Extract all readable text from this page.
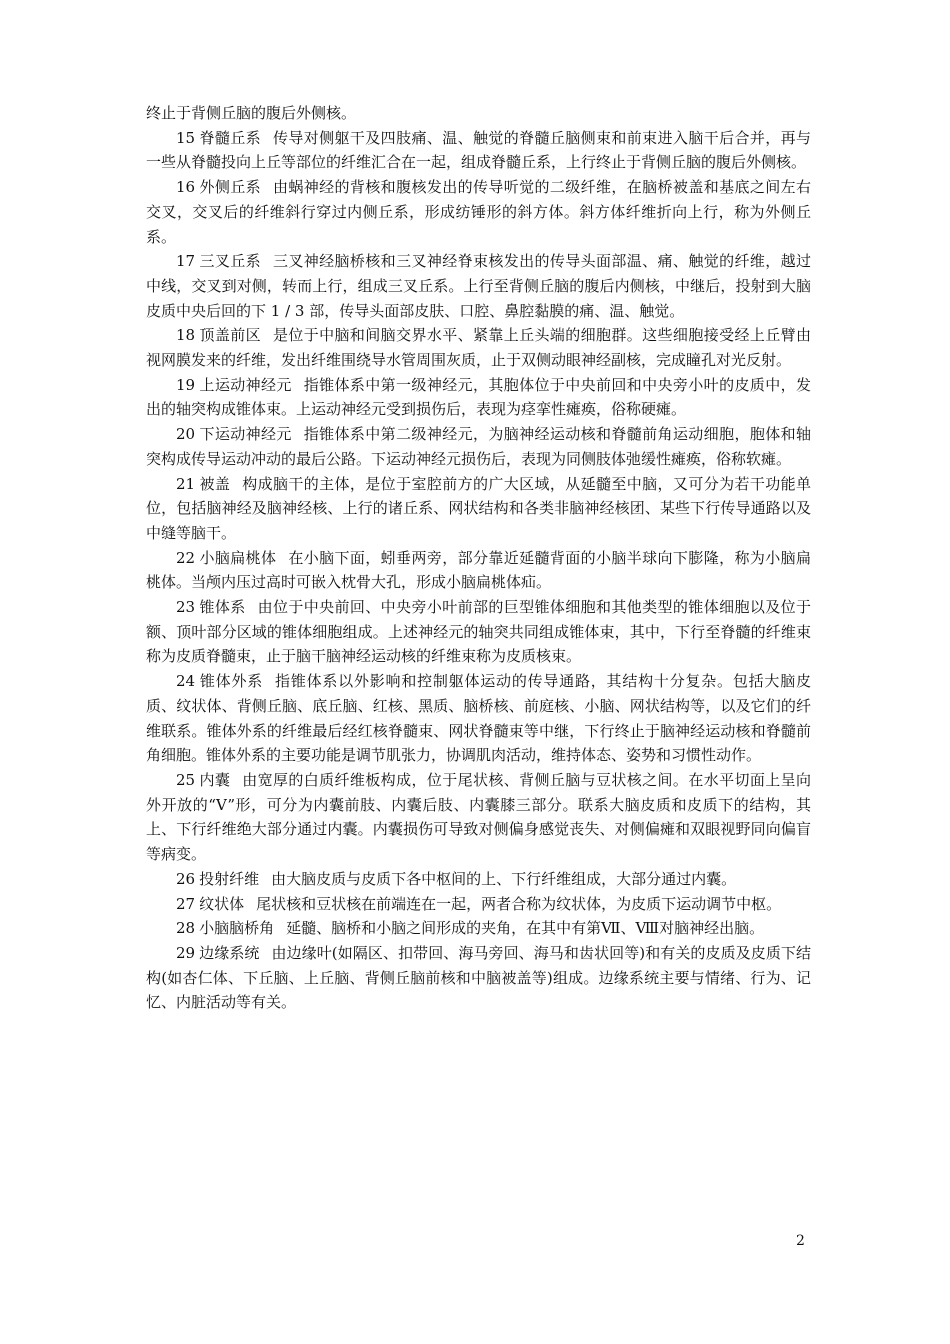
终止于背侧丘脑的腹后外侧核。

15 脊髓丘系 传导对侧躯干及四肢痛、温、触觉的脊髓丘脑侧束和前束进入脑干后合并，再与一些从脊髓投向上丘等部位的纤维汇合在一起，组成脊髓丘系，上行终止于背侧丘脑的腹后外侧核。

16 外侧丘系 由蜗神经的背核和腹核发出的传导听觉的二级纤维，在脑桥被盖和基底之间左右交叉，交叉后的纤维斜行穿过内侧丘系，形成纺锤形的斜方体。斜方体纤维折向上行，称为外侧丘系。

17 三叉丘系 三叉神经脑桥核和三叉神经脊束核发出的传导头面部温、痛、触觉的纤维，越过中线，交叉到对侧，转而上行，组成三叉丘系。上行至背侧丘脑的腹后内侧核，中继后，投射到大脑皮质中央后回的下 1 / 3 部，传导头面部皮肤、口腔、鼻腔黏膜的痛、温、触觉。

18 顶盖前区 是位于中脑和间脑交界水平、紧靠上丘头端的细胞群。这些细胞接受经上丘臂由视网膜发来的纤维，发出纤维围绕导水管周围灰质，止于双侧动眼神经副核，完成瞳孔对光反射。

19 上运动神经元 指锥体系中第一级神经元，其胞体位于中央前回和中央旁小叶的皮质中，发出的轴突构成锥体束。上运动神经元受到损伤后，表现为痉挛性瘫痪，俗称硬瘫。

20 下运动神经元 指锥体系中第二级神经元，为脑神经运动核和脊髓前角运动细胞，胞体和轴突构成传导运动冲动的最后公路。下运动神经元损伤后，表现为同侧肢体弛缓性瘫痪，俗称软瘫。

21 被盖 构成脑干的主体，是位于室腔前方的广大区域，从延髓至中脑，又可分为若干功能单位，包括脑神经及脑神经核、上行的诸丘系、网状结构和各类非脑神经核团、某些下行传导通路以及中缝等脑干。

22 小脑扁桃体 在小脑下面，蚓垂两旁，部分靠近延髓背面的小脑半球向下膨隆，称为小脑扁桃体。当颅内压过高时可嵌入枕骨大孔，形成小脑扁桃体疝。

23 锥体系 由位于中央前回、中央旁小叶前部的巨型锥体细胞和其他类型的锥体细胞以及位于额、顶叶部分区域的锥体细胞组成。上述神经元的轴突共同组成锥体束，其中，下行至脊髓的纤维束称为皮质脊髓束，止于脑干脑神经运动核的纤维束称为皮质核束。

24 锥体外系 指锥体系以外影响和控制躯体运动的传导通路，其结构十分复杂。包括大脑皮质、纹状体、背侧丘脑、底丘脑、红核、黑质、脑桥核、前庭核、小脑、网状结构等，以及它们的纤维联系。锥体外系的纤维最后经红核脊髓束、网状脊髓束等中继，下行终止于脑神经运动核和脊髓前角细胞。锥体外系的主要功能是调节肌张力，协调肌肉活动，维持体态、姿势和习惯性动作。

25 内囊 由宽厚的白质纤维板构成，位于尾状核、背侧丘脑与豆状核之间。在水平切面上呈向外开放的“V”形，可分为内囊前肢、内囊后肢、内囊膝三部分。联系大脑皮质和皮质下的结构，其上、下行纤维绝大部分通过内囊。内囊损伤可导致对侧偏身感觉丧失、对侧偏瘫和双眼视野同向偏盲等病变。

26 投射纤维 由大脑皮质与皮质下各中枢间的上、下行纤维组成，大部分通过内囊。

27 纹状体 尾状核和豆状核在前端连在一起，两者合称为纹状体，为皮质下运动调节中枢。

28 小脑脑桥角 延髓、脑桥和小脑之间形成的夹角，在其中有第Ⅶ、Ⅷ对脑神经出脑。

29 边缘系统 由边缘叶(如隔区、扣带回、海马旁回、海马和齿状回等)和有关的皮质及皮质下结构(如杏仁体、下丘脑、上丘脑、背侧丘脑前核和中脑被盖等)组成。边缘系统主要与情绪、行为、记忆、内脏活动等有关。

2
